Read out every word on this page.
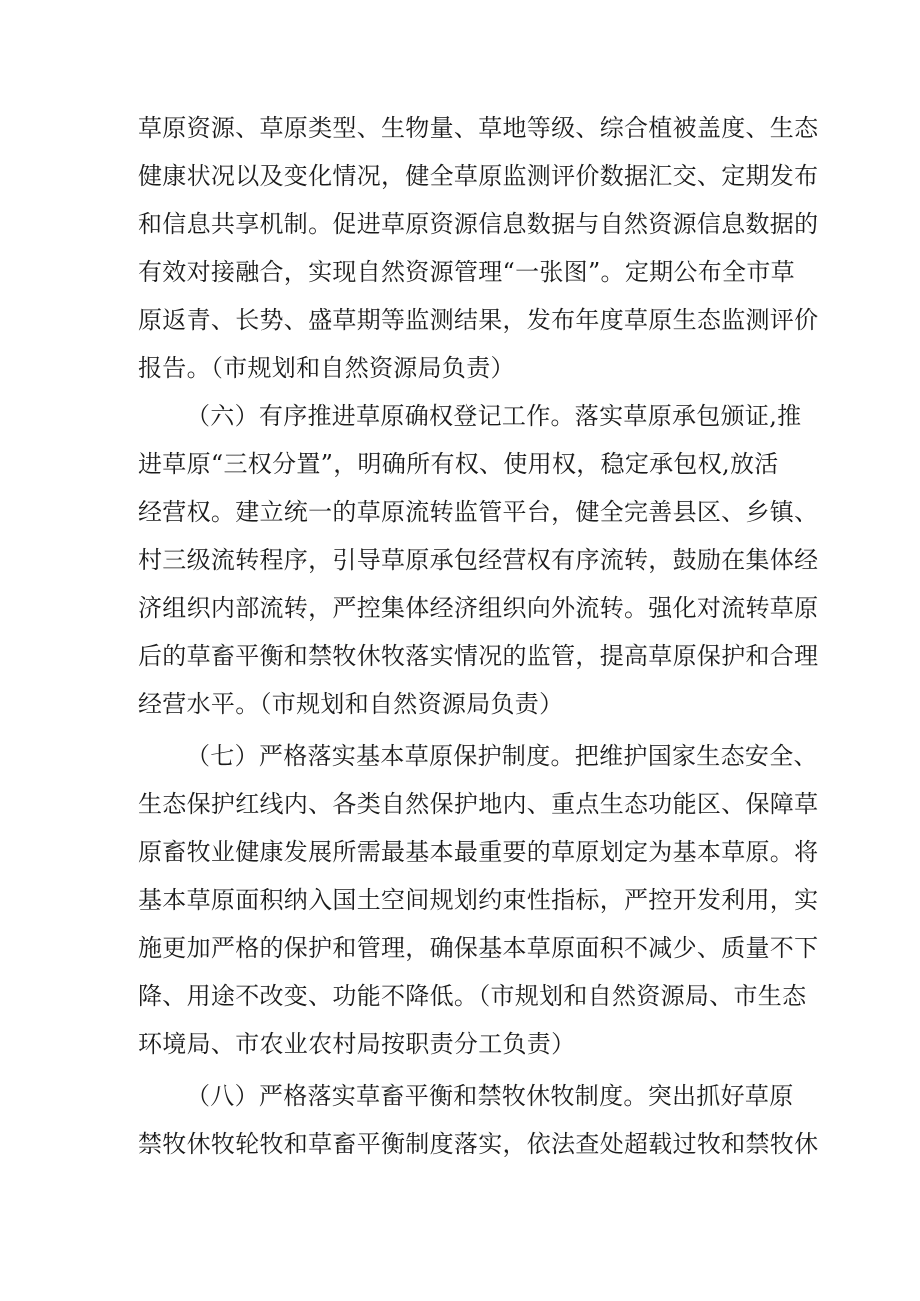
草原资源、草原类型、生物量、草地等级、综合植被盖度、生态
健康状况以及变化情况，健全草原监测评价数据汇交、定期发布
和信息共享机制。促进草原资源信息数据与自然资源信息数据的
有效对接融合，实现自然资源管理“一张图”。定期公布全市草
原返青、长势、盛草期等监测结果，发布年度草原生态监测评价
报告。（市规划和自然资源局负责）
（六）有序推进草原确权登记工作。落实草原承包颁证,推
进草原“三权分置”，明确所有权、使用权，稳定承包权,放活
经营权。建立统一的草原流转监管平台，健全完善县区、乡镇、
村三级流转程序，引导草原承包经营权有序流转，鼓励在集体经
济组织内部流转，严控集体经济组织向外流转。强化对流转草原
后的草畜平衡和禁牧休牧落实情况的监管，提高草原保护和合理
经营水平。（市规划和自然资源局负责）
（七）严格落实基本草原保护制度。把维护国家生态安全、
生态保护红线内、各类自然保护地内、重点生态功能区、保障草
原畜牧业健康发展所需最基本最重要的草原划定为基本草原。将
基本草原面积纳入国土空间规划约束性指标，严控开发利用，实
施更加严格的保护和管理，确保基本草原面积不减少、质量不下
降、用途不改变、功能不降低。（市规划和自然资源局、市生态
环境局、市农业农村局按职责分工负责）
（八）严格落实草畜平衡和禁牧休牧制度。突出抓好草原
禁牧休牧轮牧和草畜平衡制度落实，依法查处超载过牧和禁牧休
